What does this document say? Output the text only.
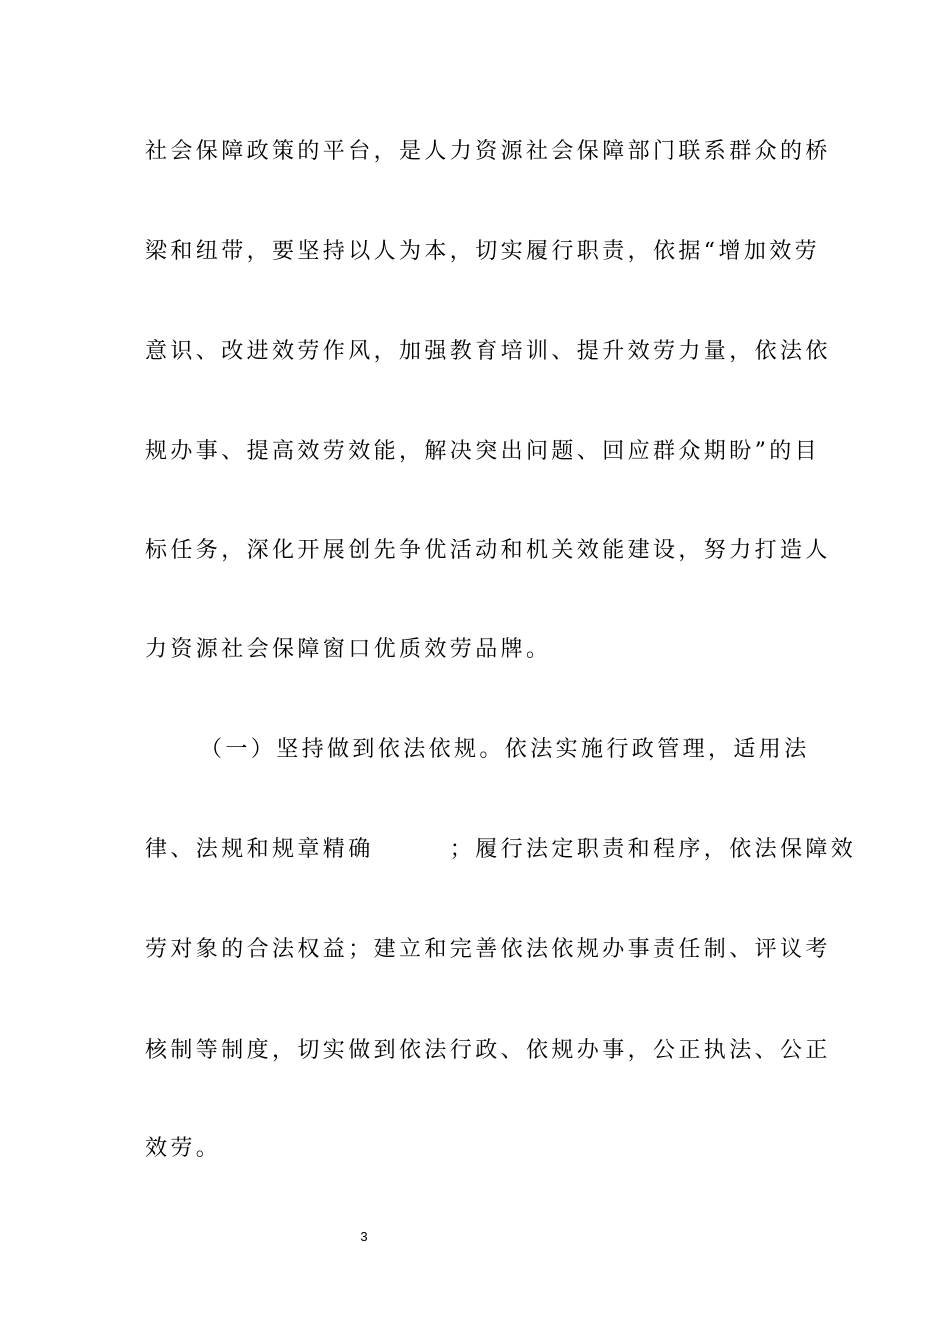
社会保障政策的平台，是人力资源社会保障部门联系群众的桥
梁和纽带，要坚持以人为本，切实履行职责，依据“增加效劳
意识、改进效劳作风，加强教育培训、提升效劳力量，依法依
规办事、提高效劳效能，解决突出问题、回应群众期盼”的目
标任务，深化开展创先争优活动和机关效能建设，努力打造人
力资源社会保障窗口优质效劳品牌。
（一）坚持做到依法依规。依法实施行政管理，适用法
律、法规和规章精确　　　；履行法定职责和程序，依法保障效
劳对象的合法权益；建立和完善依法依规办事责任制、评议考
核制等制度，切实做到依法行政、依规办事，公正执法、公正
效劳。
3
